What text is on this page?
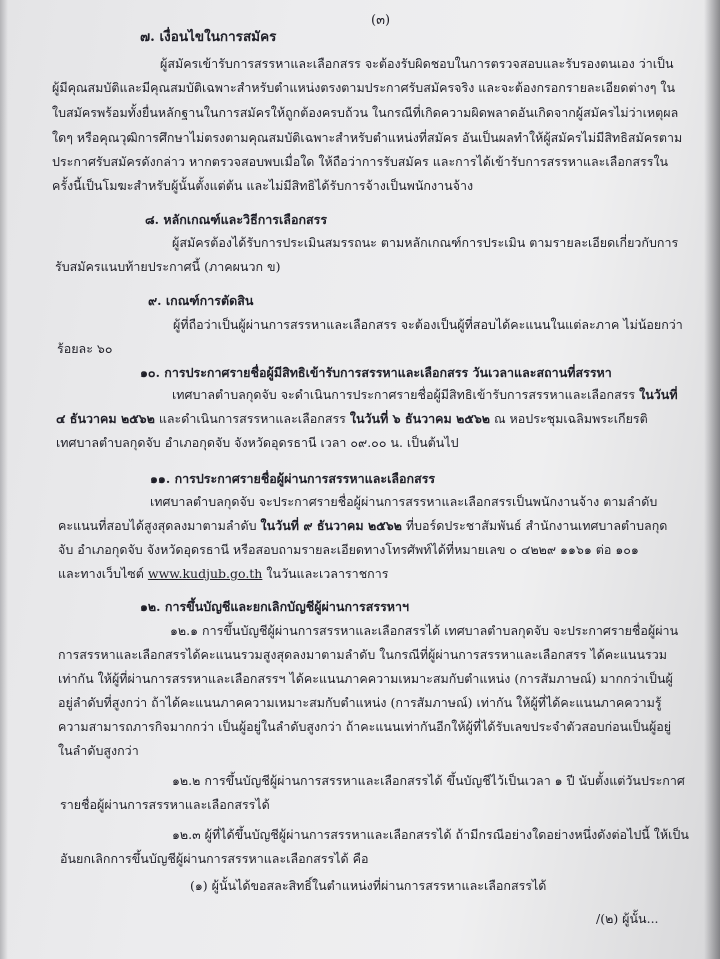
(๓)
๗. เงื่อนไขในการสมัคร
ผู้สมัครเข้ารับการสรรหาและเลือกสรร จะต้องรับผิดชอบในการตรวจสอบและรับรองตนเอง ว่าเป็น
ผู้มีคุณสมบัติและมีคุณสมบัติเฉพาะสำหรับตำแหน่งตรงตามประกาศรับสมัครจริง และจะต้องกรอกรายละเอียดต่างๆ ใน
ใบสมัครพร้อมทั้งยื่นหลักฐานในการสมัครให้ถูกต้องครบถ้วน ในกรณีที่เกิดความผิดพลาดอันเกิดจากผู้สมัครไม่ว่าเหตุผล
ใดๆ หรือคุณวุฒิการศึกษาไม่ตรงตามคุณสมบัติเฉพาะสำหรับตำแหน่งที่สมัคร อันเป็นผลทำให้ผู้สมัครไม่มีสิทธิสมัครตาม
ประกาศรับสมัครดังกล่าว หากตรวจสอบพบเมื่อใด ให้ถือว่าการรับสมัคร และการได้เข้ารับการสรรหาและเลือกสรรใน
ครั้งนี้เป็นโมฆะสำหรับผู้นั้นตั้งแต่ต้น และไม่มีสิทธิได้รับการจ้างเป็นพนักงานจ้าง
๘. หลักเกณฑ์และวิธีการเลือกสรร
ผู้สมัครต้องได้รับการประเมินสมรรถนะ ตามหลักเกณฑ์การประเมิน ตามรายละเอียดเกี่ยวกับการ
รับสมัครแนบท้ายประกาศนี้ (ภาคผนวก ข)
๙. เกณฑ์การตัดสิน
ผู้ที่ถือว่าเป็นผู้ผ่านการสรรหาและเลือกสรร จะต้องเป็นผู้ที่สอบได้คะแนนในแต่ละภาค ไม่น้อยกว่า
ร้อยละ ๖๐
๑๐. การประกาศรายชื่อผู้มีสิทธิเข้ารับการสรรหาและเลือกสรร วันเวลาและสถานที่สรรหา
เทศบาลตำบลกุดจับ จะดำเนินการประกาศรายชื่อผู้มีสิทธิเข้ารับการสรรหาและเลือกสรร ในวันที่
๔ ธันวาคม ๒๕๖๒ และดำเนินการสรรหาและเลือกสรร ในวันที่ ๖ ธันวาคม ๒๕๖๒ ณ หอประชุมเฉลิมพระเกียรติ
เทศบาลตำบลกุดจับ อำเภอกุดจับ จังหวัดอุดรธานี เวลา ๐๙.๐๐ น. เป็นต้นไป
๑๑. การประกาศรายชื่อผู้ผ่านการสรรหาและเลือกสรร
เทศบาลตำบลกุดจับ จะประกาศรายชื่อผู้ผ่านการสรรหาและเลือกสรรเป็นพนักงานจ้าง ตามลำดับ
คะแนนที่สอบได้สูงสุดลงมาตามลำดับ ในวันที่ ๙ ธันวาคม ๒๕๖๒ ที่บอร์ดประชาสัมพันธ์ สำนักงานเทศบาลตำบลกุด
จับ อำเภอกุดจับ จังหวัดอุดรธานี หรือสอบถามรายละเอียดทางโทรศัพท์ได้ที่หมายเลข ๐ ๔๒๒๙ ๑๑๖๑ ต่อ ๑๐๑
และทางเว็บไซต์ www.kudjub.go.th ในวันและเวลาราชการ
๑๒. การขึ้นบัญชีและยกเลิกบัญชีผู้ผ่านการสรรหาฯ
๑๒.๑ การขึ้นบัญชีผู้ผ่านการสรรหาและเลือกสรรได้ เทศบาลตำบลกุดจับ จะประกาศรายชื่อผู้ผ่าน
การสรรหาและเลือกสรรได้คะแนนรวมสูงสุดลงมาตามลำดับ ในกรณีที่ผู้ผ่านการสรรหาและเลือกสรร ได้คะแนนรวม
เท่ากัน ให้ผู้ที่ผ่านการสรรหาและเลือกสรรฯ ได้คะแนนภาคความเหมาะสมกับตำแหน่ง (การสัมภาษณ์) มากกว่าเป็นผู้
อยู่ลำดับที่สูงกว่า ถ้าได้คะแนนภาคความเหมาะสมกับตำแหน่ง (การสัมภาษณ์) เท่ากัน ให้ผู้ที่ได้คะแนนภาคความรู้
ความสามารถภารกิจมากกว่า เป็นผู้อยู่ในลำดับสูงกว่า ถ้าคะแนนเท่ากันอีกให้ผู้ที่ได้รับเลขประจำตัวสอบก่อนเป็นผู้อยู่
ในลำดับสูงกว่า
๑๒.๒ การขึ้นบัญชีผู้ผ่านการสรรหาและเลือกสรรได้ ขึ้นบัญชีไว้เป็นเวลา ๑ ปี นับตั้งแต่วันประกาศ
รายชื่อผู้ผ่านการสรรหาและเลือกสรรได้
๑๒.๓ ผู้ที่ได้ขึ้นบัญชีผู้ผ่านการสรรหาและเลือกสรรได้ ถ้ามีกรณีอย่างใดอย่างหนึ่งดังต่อไปนี้ ให้เป็น
อันยกเลิกการขึ้นบัญชีผู้ผ่านการสรรหาและเลือกสรรได้ คือ
(๑) ผู้นั้นได้ขอสละสิทธิ์ในตำแหน่งที่ผ่านการสรรหาและเลือกสรรได้
/(๒) ผู้นั้น...
